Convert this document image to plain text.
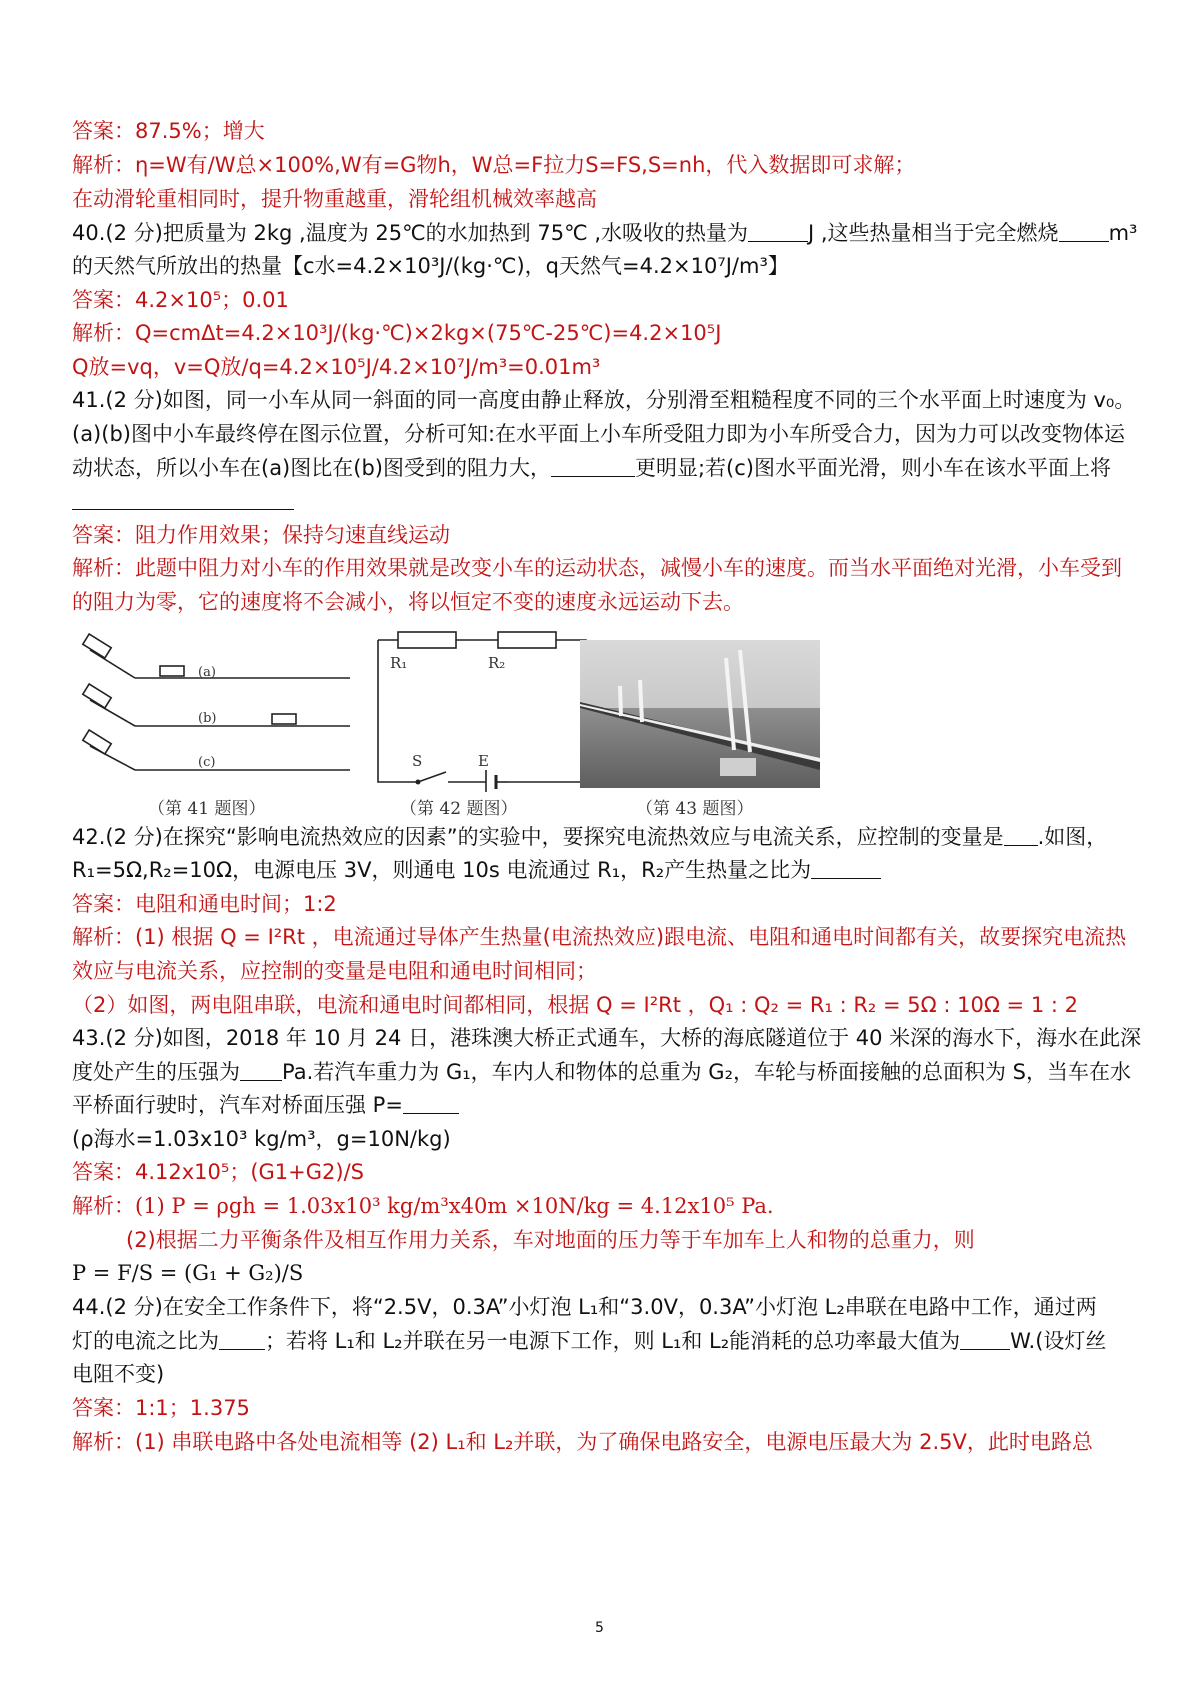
答案：87.5%；增大
解析：η=W有/W总×100%,W有=G物h，W总=F拉力S=FS,S=nh，代入数据即可求解；
在动滑轮重相同时，提升物重越重，滑轮组机械效率越高
40.(2 分)把质量为 2kg ,温度为 25℃的水加热到 75℃ ,水吸收的热量为	J ,这些热量相当于完全燃烧 m³
的天然气所放出的热量【c水=4.2×10³J/(kg·℃)，q天然气=4.2×10⁷J/m³】
答案：4.2×10⁵；0.01
解析：Q=cmΔt=4.2×10³J/(kg·℃)×2kg×(75℃-25℃)=4.2×10⁵J
Q放=vq，v=Q放/q=4.2×10⁵J/4.2×10⁷J/m³=0.01m³
41.(2 分)如图，同一小车从同一斜面的同一高度由静止释放，分别滑至粗糙程度不同的三个水平面上时速度为 v₀。
(a)(b)图中小车最终停在图示位置，分析可知:在水平面上小车所受阻力即为小车所受合力，因为力可以改变物体运
动状态，所以小车在(a)图比在(b)图受到的阻力大，	更明显;若(c)图水平面光滑，则小车在该水平面上将
答案：阻力作用效果；保持匀速直线运动
解析：此题中阻力对小车的作用效果就是改变小车的运动状态，减慢小车的速度。而当水平面绝对光滑，小车受到
的阻力为零，它的速度将不会减小，将以恒定不变的速度永远运动下去。
(a)
(b)
(c)
（第 41 题图）
R₁	R₂
S	E
（第 42 题图）	（第 43 题图）
42.(2 分)在探究“影响电流热效应的因素”的实验中，要探究电流热效应与电流关系，应控制的变量是 .如图，
R₁=5Ω,R₂=10Ω，电源电压 3V，则通电 10s 电流通过 R₁，R₂产生热量之比为
答案：电阻和通电时间；1:2
解析：(1) 根据 Q = I²Rt ，电流通过导体产生热量(电流热效应)跟电流、电阻和通电时间都有关，故要探究电流热
效应与电流关系，应控制的变量是电阻和通电时间相同；
（2）如图，两电阻串联，电流和通电时间都相同，根据 Q = I²Rt ，Q₁ : Q₂ = R₁ : R₂ = 5Ω : 10Ω = 1 : 2
43.(2 分)如图，2018 年 10 月 24 日，港珠澳大桥正式通车，大桥的海底隧道位于 40 米深的海水下，海水在此深
度处产生的压强为 Pa.若汽车重力为 G₁，车内人和物体的总重为 G₂，车轮与桥面接触的总面积为 S，当车在水
平桥面行驶时，汽车对桥面压强 P=
(ρ海水=1.03x10³ kg/m³，g=10N/kg)
答案：4.12x10⁵；(G1+G2)/S
解析：(1) P = ρgh = 1.03x10³ kg/m³x40m ×10N/kg = 4.12x10⁵ Pa.
(2)根据二力平衡条件及相互作用力关系，车对地面的压力等于车加车上人和物的总重力，则
P = F/S = (G₁ + G₂)/S
44.(2 分)在安全工作条件下，将“2.5V，0.3A”小灯泡 L₁和“3.0V，0.3A”小灯泡 L₂串联在电路中工作，通过两
灯的电流之比为 ；若将 L₁和 L₂并联在另一电源下工作，则 L₁和 L₂能消耗的总功率最大值为 W.(设灯丝
电阻不变)
答案：1:1；1.375
解析：(1) 串联电路中各处电流相等 (2) L₁和 L₂并联，为了确保电路安全，电源电压最大为 2.5V，此时电路总
5
